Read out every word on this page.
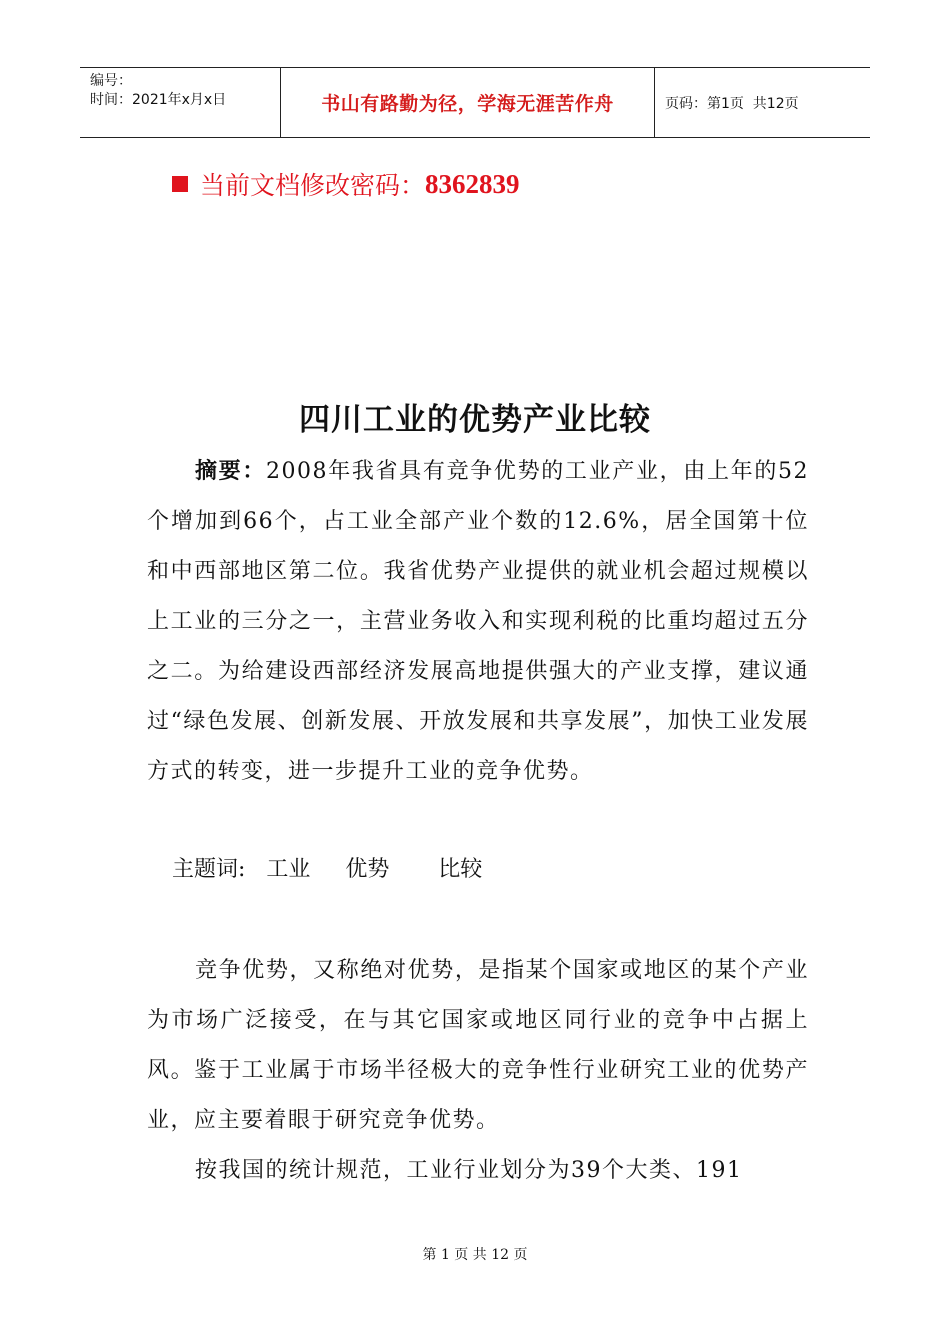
编号：
时间：2021年x月x日	书山有路勤为径，学海无涯苦作舟	页码：第1页  共12页
当前文档修改密码： 8362839
四川工业的优势产业比较
摘要：2008年我省具有竞争优势的工业产业，由上年的52个增加到66个，占工业全部产业个数的12.6%，居全国第十位和中西部地区第二位。我省优势产业提供的就业机会超过规模以上工业的三分之一，主营业务收入和实现利税的比重均超过五分之二。为给建设西部经济发展高地提供强大的产业支撑，建议通过“绿色发展、创新发展、开放发展和共享发展”，加快工业发展方式的转变，进一步提升工业的竞争优势。
主题词:   工业     优势       比较
竞争优势，又称绝对优势，是指某个国家或地区的某个产业为市场广泛接受，在与其它国家或地区同行业的竞争中占据上风。鉴于工业属于市场半径极大的竞争性行业研究工业的优势产业，应主要着眼于研究竞争优势。
按我国的统计规范，工业行业划分为39个大类、191
第 1 页 共 12 页
